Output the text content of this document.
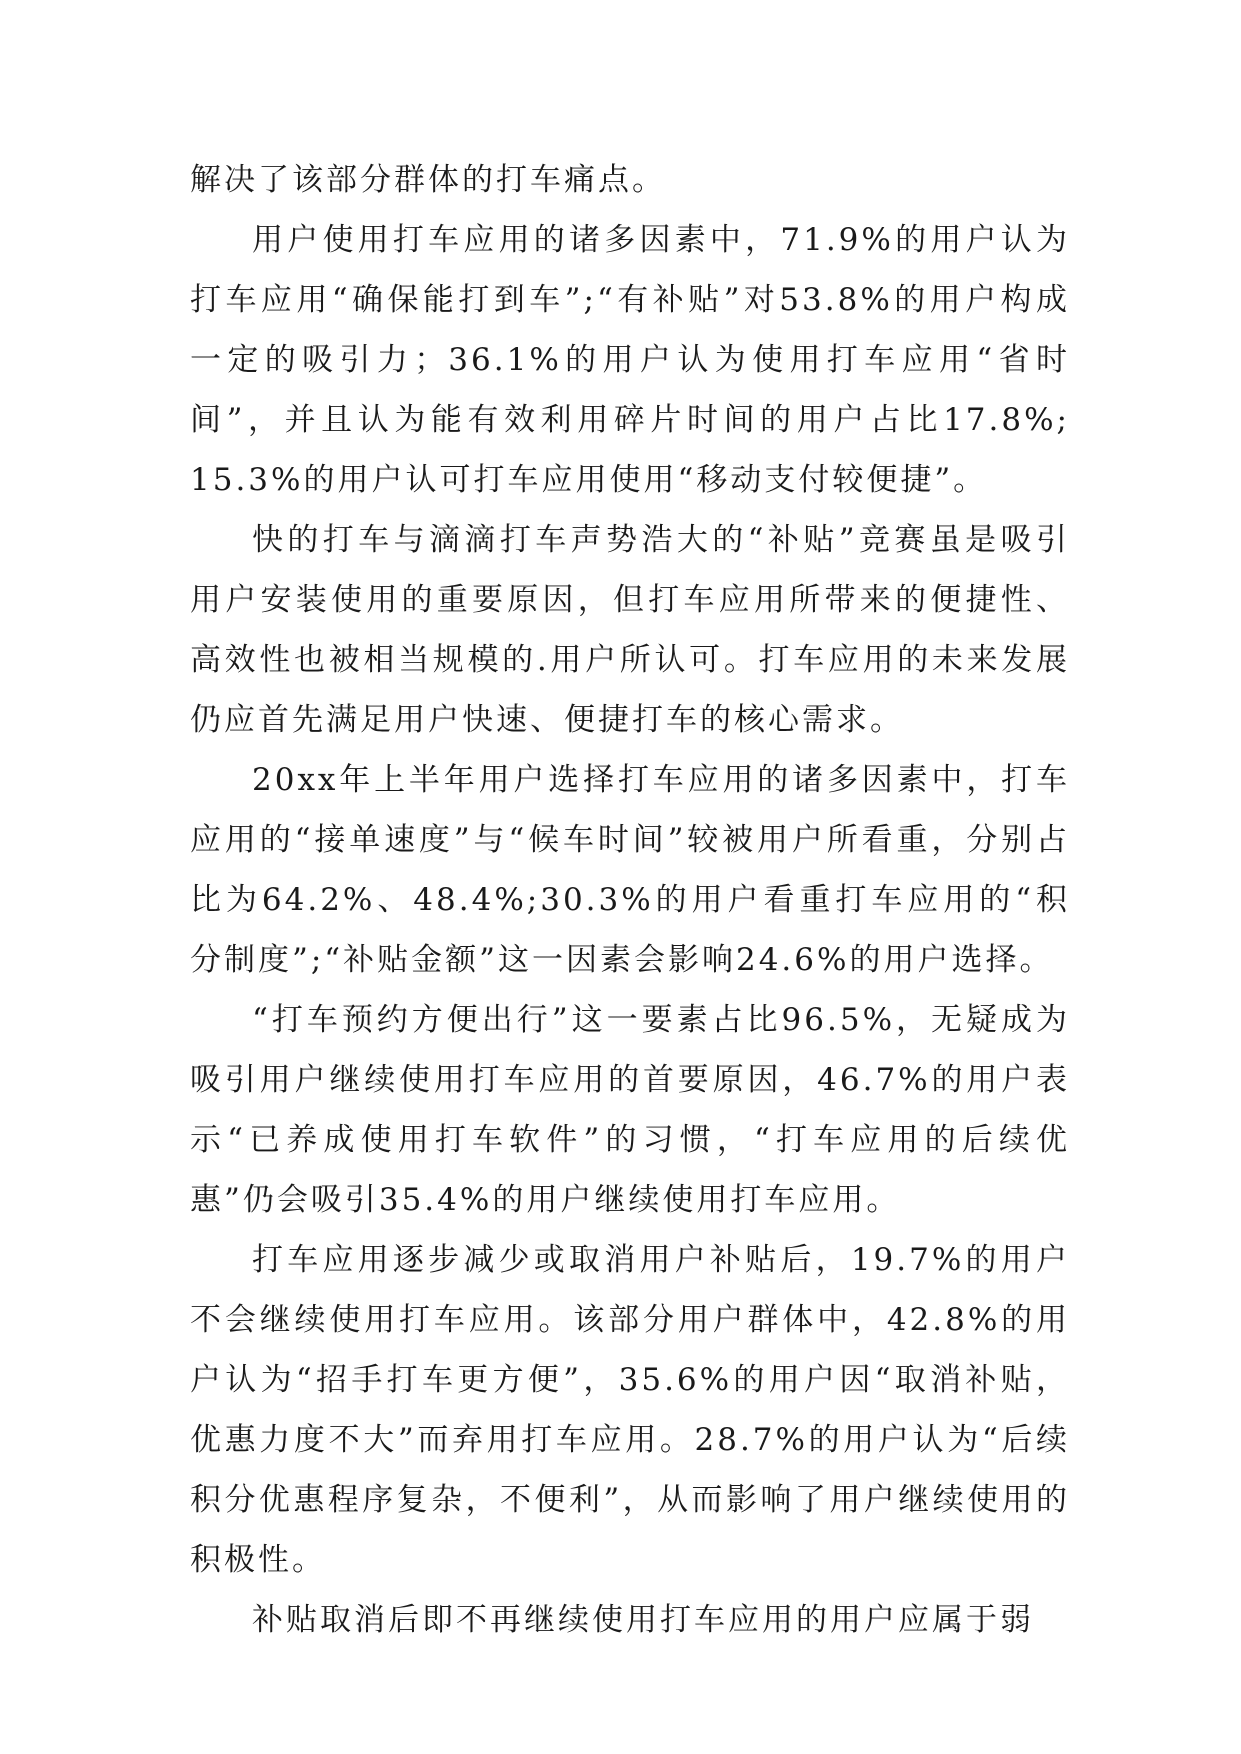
解决了该部分群体的打车痛点。

用户使用打车应用的诸多因素中，71.9%的用户认为打车应用“确保能打到车”;“有补贴”对53.8%的用户构成一定的吸引力；36.1%的用户认为使用打车应用“省时间”，并且认为能有效利用碎片时间的用户占比17.8%; 15.3%的用户认可打车应用使用“移动支付较便捷”。

快的打车与滴滴打车声势浩大的“补贴”竞赛虽是吸引用户安装使用的重要原因，但打车应用所带来的便捷性、高效性也被相当规模的.用户所认可。打车应用的未来发展仍应首先满足用户快速、便捷打车的核心需求。

20xx年上半年用户选择打车应用的诸多因素中，打车应用的“接单速度”与“候车时间”较被用户所看重，分别占比为64.2%、48.4%;30.3%的用户看重打车应用的“积分制度”;“补贴金额”这一因素会影响24.6%的用户选择。

“打车预约方便出行”这一要素占比96.5%，无疑成为吸引用户继续使用打车应用的首要原因，46.7%的用户表示“已养成使用打车软件”的习惯，“打车应用的后续优惠”仍会吸引35.4%的用户继续使用打车应用。

打车应用逐步减少或取消用户补贴后，19.7%的用户不会继续使用打车应用。该部分用户群体中，42.8%的用户认为“招手打车更方便”，35.6%的用户因“取消补贴，优惠力度不大”而弃用打车应用。28.7%的用户认为“后续积分优惠程序复杂，不便利”，从而影响了用户继续使用的积极性。

补贴取消后即不再继续使用打车应用的用户应属于弱
